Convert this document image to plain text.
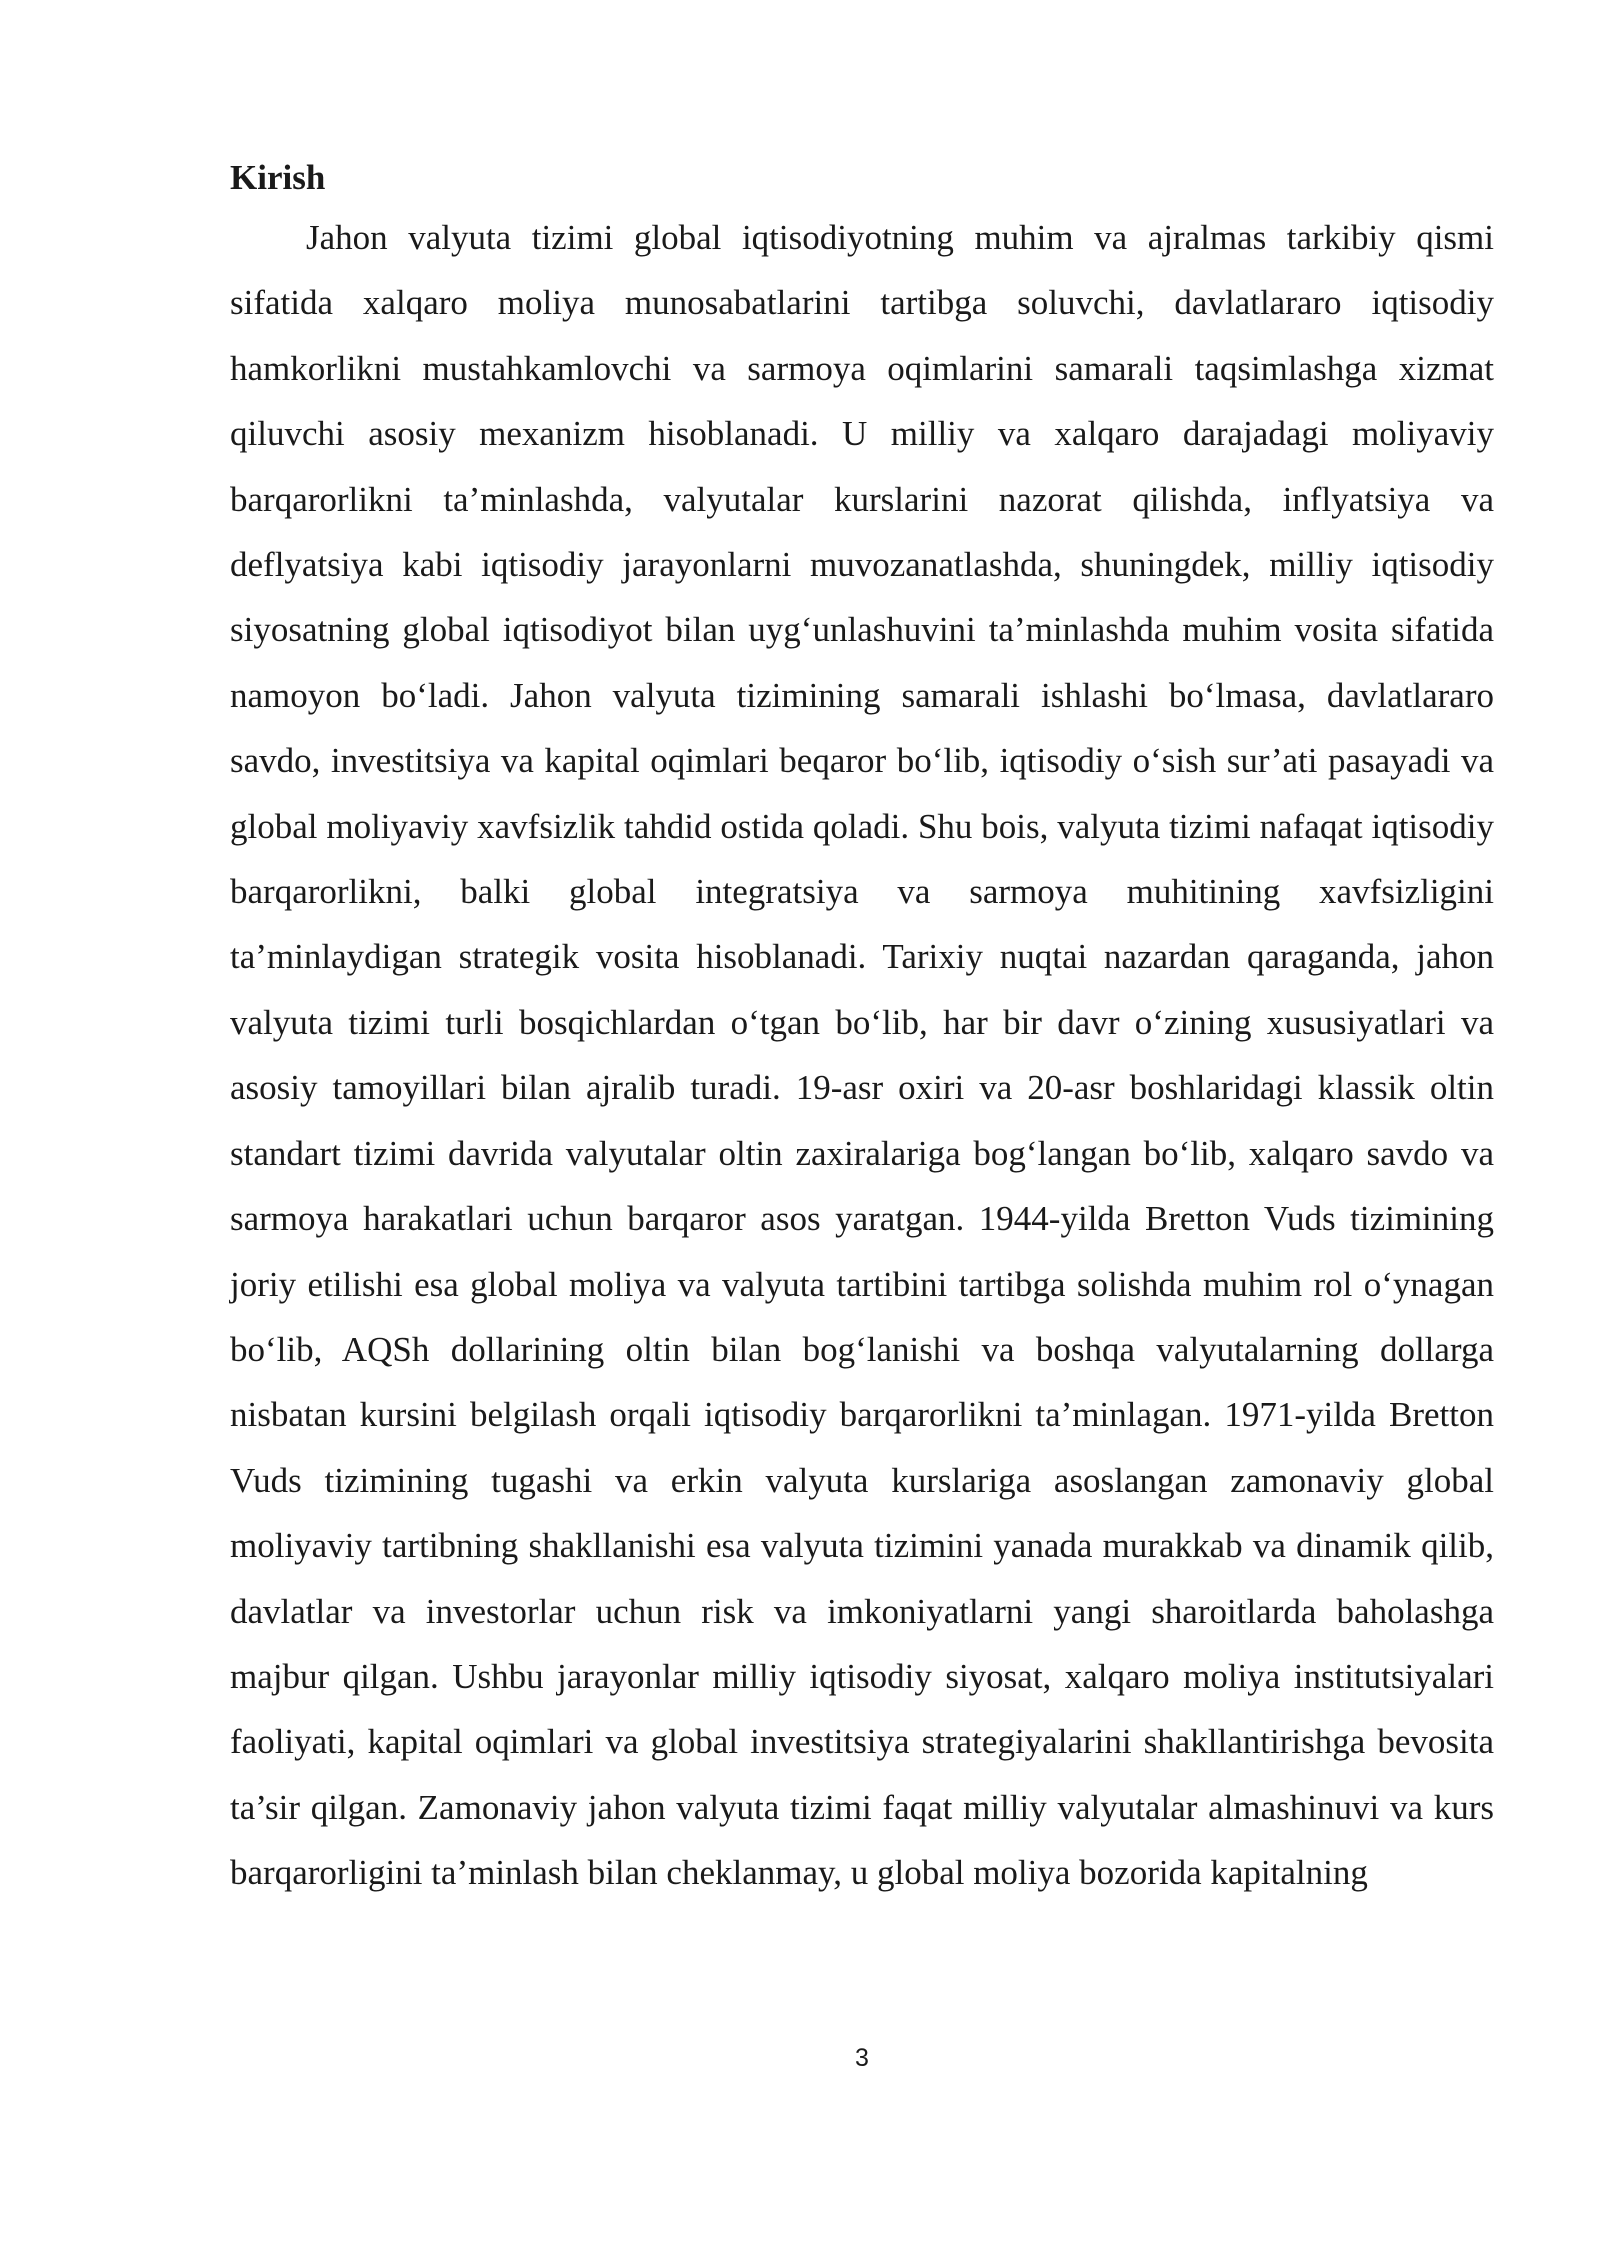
Kirish

Jahon valyuta tizimi global iqtisodiyotning muhim va ajralmas tarkibiy qismi sifatida xalqaro moliya munosabatlarini tartibga soluvchi, davlatlararo iqtisodiy hamkorlikni mustahkamlovchi va sarmoya oqimlarini samarali taqsimlashga xizmat qiluvchi asosiy mexanizm hisoblanadi. U milliy va xalqaro darajadagi moliyaviy barqarorlikni ta’minlashda, valyutalar kurslarini nazorat qilishda, inflyatsiya va deflyatsiya kabi iqtisodiy jarayonlarni muvozanatlashda, shuningdek, milliy iqtisodiy siyosatning global iqtisodiyot bilan uyg‘unlashuvini ta’minlashda muhim vosita sifatida namoyon bo‘ladi. Jahon valyuta tizimining samarali ishlashi bo‘lmasa, davlatlararo savdo, investitsiya va kapital oqimlari beqaror bo‘lib, iqtisodiy o‘sish sur’ati pasayadi va global moliyaviy xavfsizlik tahdid ostida qoladi. Shu bois, valyuta tizimi nafaqat iqtisodiy barqarorlikni, balki global integratsiya va sarmoya muhitining xavfsizligini ta’minlaydigan strategik vosita hisoblanadi. Tarixiy nuqtai nazardan qaraganda, jahon valyuta tizimi turli bosqichlardan o‘tgan bo‘lib, har bir davr o‘zining xususiyatlari va asosiy tamoyillari bilan ajralib turadi. 19-asr oxiri va 20-asr boshlaridagi klassik oltin standart tizimi davrida valyutalar oltin zaxiralariga bog‘langan bo‘lib, xalqaro savdo va sarmoya harakatlari uchun barqaror asos yaratgan. 1944-yilda Bretton Vuds tizimining joriy etilishi esa global moliya va valyuta tartibini tartibga solishda muhim rol o‘ynagan bo‘lib, AQSh dollarining oltin bilan bog‘lanishi va boshqa valyutalarning dollarga nisbatan kursini belgilash orqali iqtisodiy barqarorlikni ta’minlagan. 1971-yilda Bretton Vuds tizimining tugashi va erkin valyuta kurslariga asoslangan zamonaviy global moliyaviy tartibning shakllanishi esa valyuta tizimini yanada murakkab va dinamik qilib, davlatlar va investorlar uchun risk va imkoniyatlarni yangi sharoitlarda baholashga majbur qilgan. Ushbu jarayonlar milliy iqtisodiy siyosat, xalqaro moliya institutsiyalari faoliyati, kapital oqimlari va global investitsiya strategiyalarini shakllantirishga bevosita ta’sir qilgan. Zamonaviy jahon valyuta tizimi faqat milliy valyutalar almashinuvi va kurs barqarorligini ta’minlash bilan cheklanmay, u global moliya bozorida kapitalning

3
